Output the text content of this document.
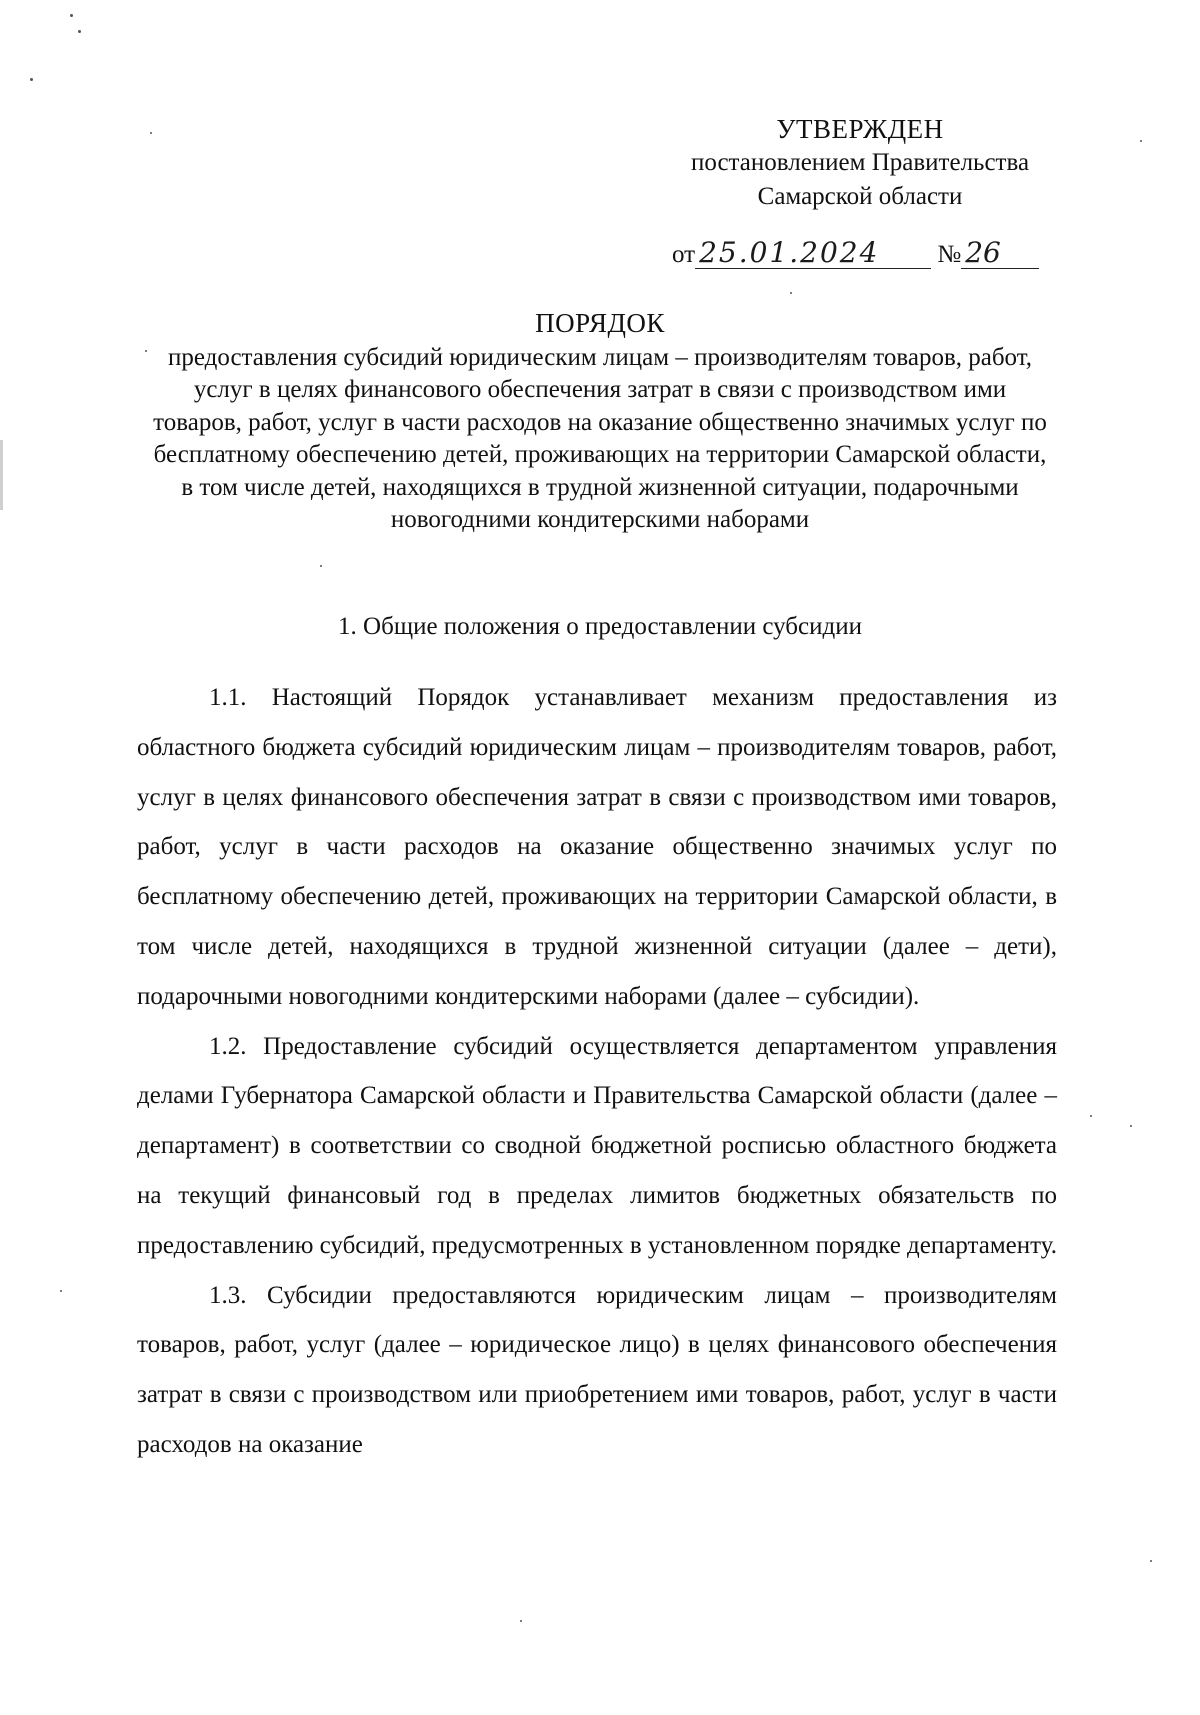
УТВЕРЖДЕН
постановлением Правительства
Самарской области
от 25.01.2024 № 26
ПОРЯДОК
предоставления субсидий юридическим лицам – производителям товаров, работ, услуг в целях финансового обеспечения затрат в связи с производством ими товаров, работ, услуг в части расходов на оказание общественно значимых услуг по бесплатному обеспечению детей, проживающих на территории Самарской области, в том числе детей, находящихся в трудной жизненной ситуации, подарочными новогодними кондитерскими наборами
1. Общие положения о предоставлении субсидии

1.1. Настоящий Порядок устанавливает механизм предоставления из областного бюджета субсидий юридическим лицам – производителям товаров, работ, услуг в целях финансового обеспечения затрат в связи с производством ими товаров, работ, услуг в части расходов на оказание общественно значимых услуг по бесплатному обеспечению детей, проживающих на территории Самарской области, в том числе детей, находящихся в трудной жизненной ситуации (далее – дети), подарочными новогодними кондитерскими наборами (далее – субсидии).

1.2. Предоставление субсидий осуществляется департаментом управления делами Губернатора Самарской области и Правительства Самарской области (далее – департамент) в соответствии со сводной бюджетной росписью областного бюджета на текущий финансовый год в пределах лимитов бюджетных обязательств по предоставлению субсидий, предусмотренных в установленном порядке департаменту.

1.3. Субсидии предоставляются юридическим лицам – производителям товаров, работ, услуг (далее – юридическое лицо) в целях финансового обеспечения затрат в связи с производством или приобретением ими товаров, работ, услуг в части расходов на оказание
